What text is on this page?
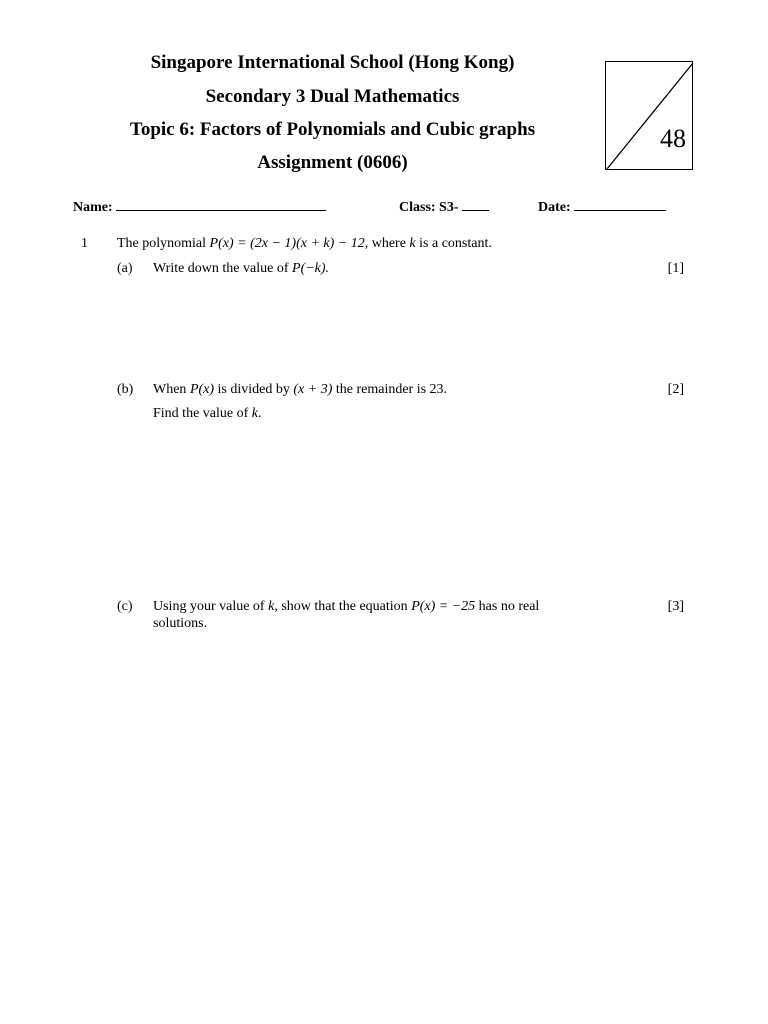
Singapore International School (Hong Kong)
Secondary 3 Dual Mathematics
Topic 6: Factors of Polynomials and Cubic graphs
Assignment (0606)
48
Name:	Class: S3-	Date:
1 The polynomial P(x) = (2x − 1)(x + k) − 12, where k is a constant.
(a) Write down the value of P(−k).	[1]
(b) When P(x) is divided by (x + 3) the remainder is 23.
Find the value of k.
[2]
(c) Using your value of k, show that the equation P(x) = −25 has no real
solutions.
[3]
